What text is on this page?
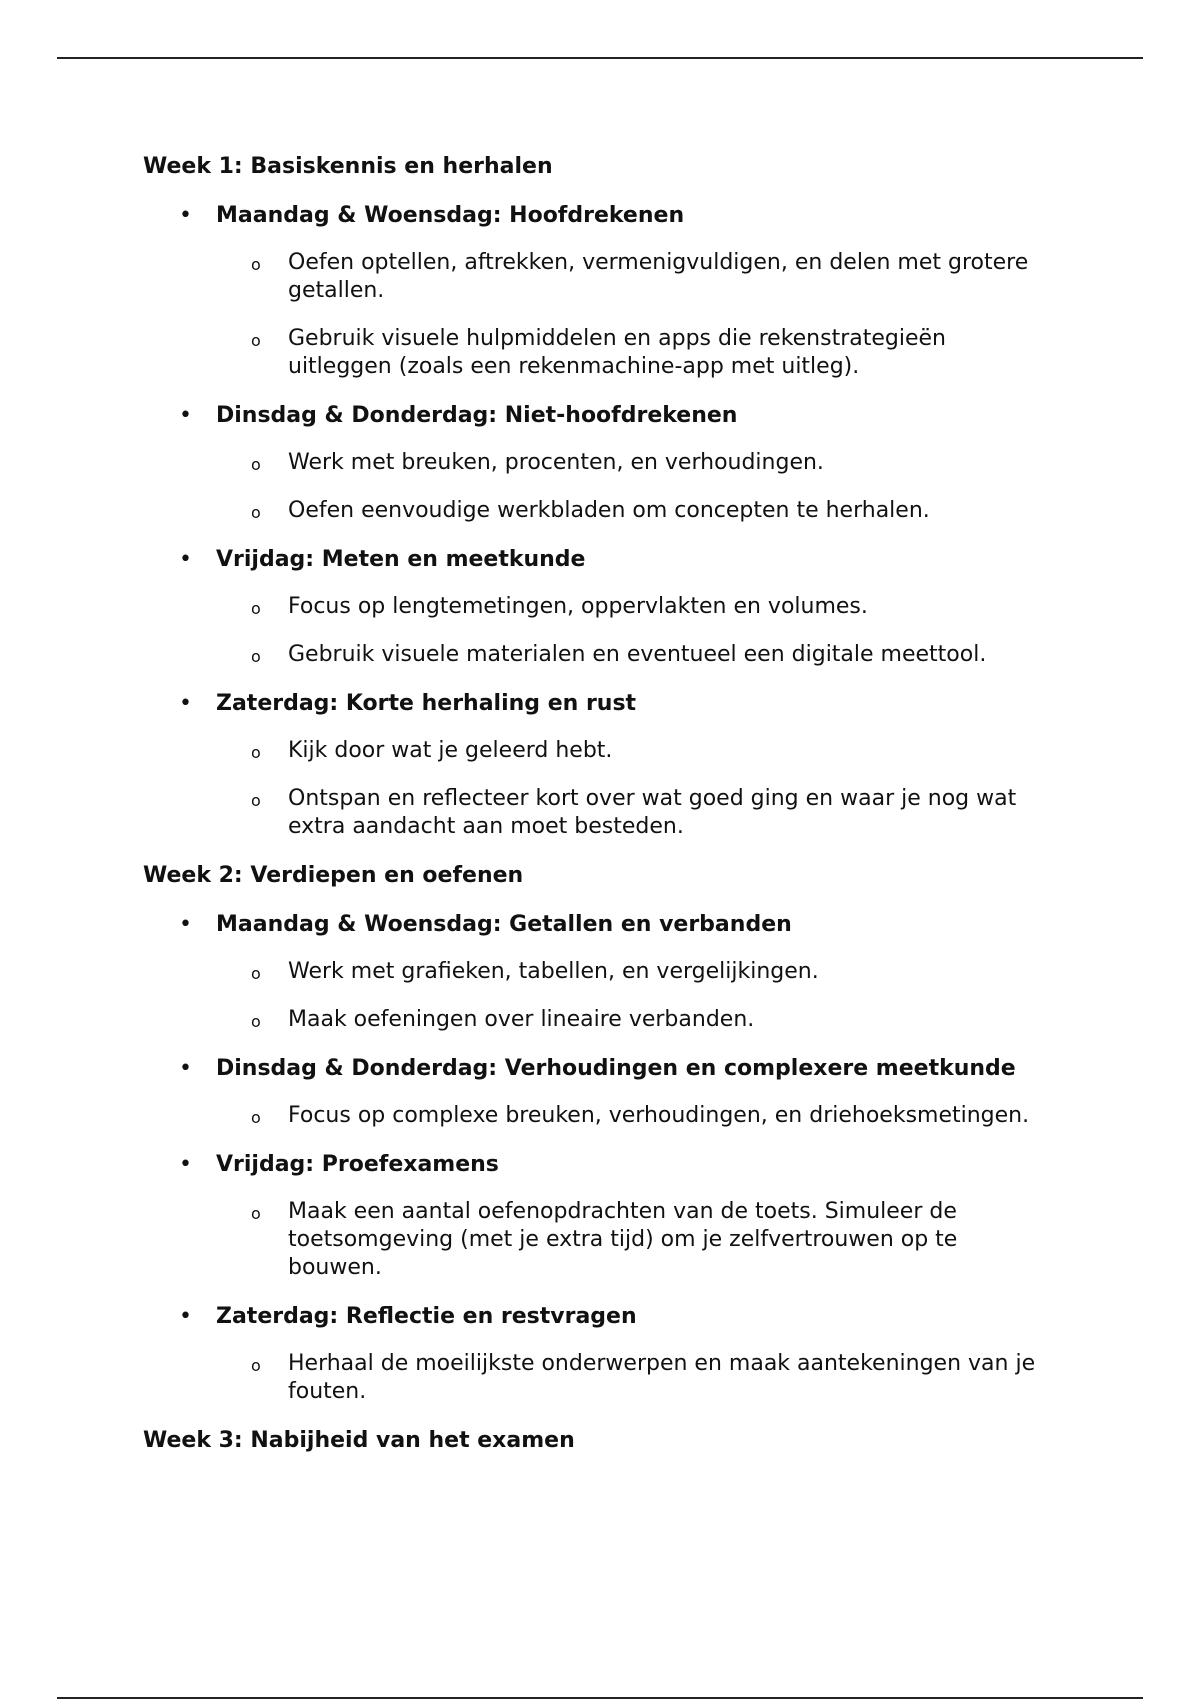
Week 1: Basiskennis en herhalen
• Maandag & Woensdag: Hoofdrekenen
o Oefen optellen, aftrekken, vermenigvuldigen, en delen met grotere getallen.
o Gebruik visuele hulpmiddelen en apps die rekenstrategieën uitleggen (zoals een rekenmachine-app met uitleg).
• Dinsdag & Donderdag: Niet-hoofdrekenen
o Werk met breuken, procenten, en verhoudingen.
o Oefen eenvoudige werkbladen om concepten te herhalen.
• Vrijdag: Meten en meetkunde
o Focus op lengtemetingen, oppervlakten en volumes.
o Gebruik visuele materialen en eventueel een digitale meettool.
• Zaterdag: Korte herhaling en rust
o Kijk door wat je geleerd hebt.
o Ontspan en reflecteer kort over wat goed ging en waar je nog wat extra aandacht aan moet besteden.
Week 2: Verdiepen en oefenen
• Maandag & Woensdag: Getallen en verbanden
o Werk met grafieken, tabellen, en vergelijkingen.
o Maak oefeningen over lineaire verbanden.
• Dinsdag & Donderdag: Verhoudingen en complexere meetkunde
o Focus op complexe breuken, verhoudingen, en driehoeksmetingen.
• Vrijdag: Proefexamens
o Maak een aantal oefenopdrachten van de toets. Simuleer de toetsomgeving (met je extra tijd) om je zelfvertrouwen op te bouwen.
• Zaterdag: Reflectie en restvragen
o Herhaal de moeilijkste onderwerpen en maak aantekeningen van je fouten.
Week 3: Nabijheid van het examen
